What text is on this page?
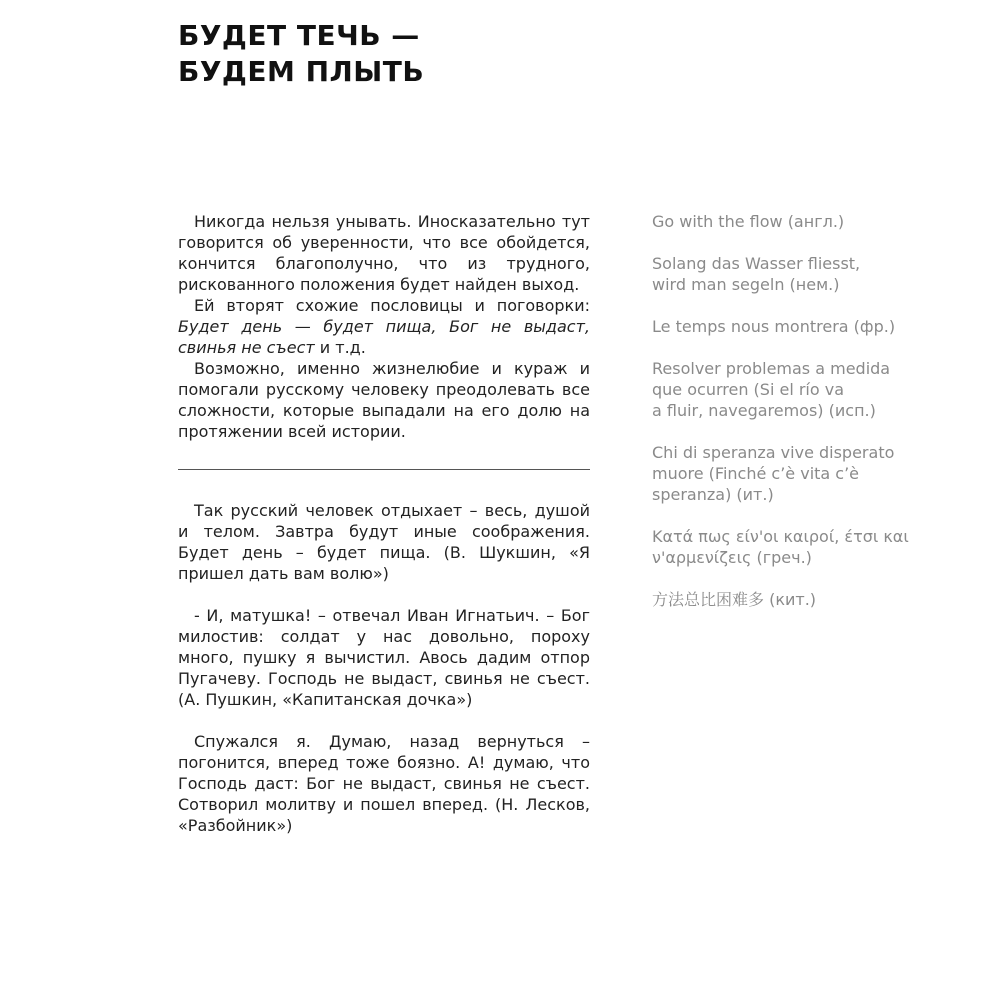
БУДЕТ ТЕЧЬ —
БУДЕМ ПЛЫТЬ

Никогда нельзя унывать. Иносказательно тут говорится об уверенности, что все обойдется, кончится благополучно, что из трудного, рискованного положения будет найден выход.

Ей вторят схожие пословицы и поговорки: Будет день — будет пища, Бог не выдаст, свинья не съест и т.д.

Возможно, именно жизнелюбие и кураж и помогали русскому человеку преодолевать все сложности, которые выпадали на его долю на протяжении всей истории.

Так русский человек отдыхает – весь, душой и телом. Завтра будут иные соображения. Будет день – будет пища. (В. Шукшин, «Я пришел дать вам волю»)

- И, матушка! – отвечал Иван Игнатьич. – Бог милостив: солдат у нас довольно, пороху много, пушку я вычистил. Авось дадим отпор Пугачеву. Господь не выдаст, свинья не съест. (А. Пушкин, «Капитанская дочка»)

Спужался я. Думаю, назад вернуться – погонится, вперед тоже боязно. А! думаю, что Господь даст: Бог не выдаст, свинья не съест. Сотворил молитву и пошел вперед. (Н. Лесков, «Разбойник»)

Go with the flow (англ.)
Solang das Wasser fliesst,
wird man segeln (нем.)
Le temps nous montrera (фр.)
Resolver problemas a medida
que ocurren (Si el río va
a fluir, navegaremos) (исп.)
Chi di speranza vive disperato
muore (Finché c’è vita c’è
speranza) (ит.)
Κατά πως είν'οι καιροί, έτσι και
ν'αρμενίζεις (греч.)
方法总比困难多 (кит.)
